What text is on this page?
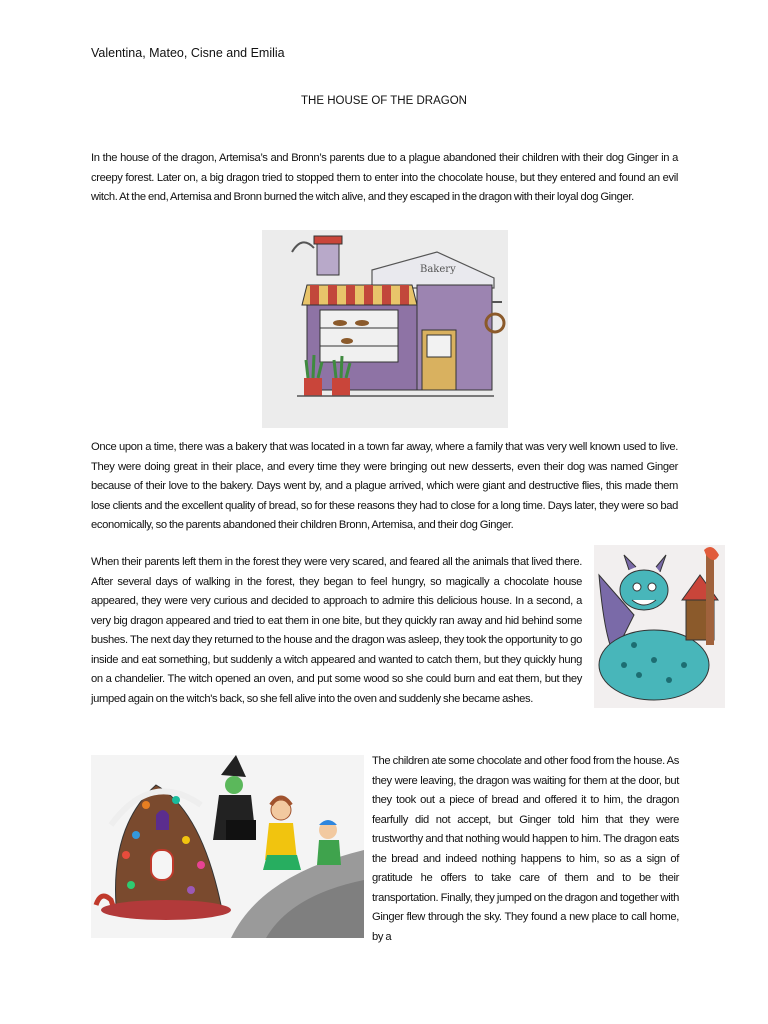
Valentina, Mateo, Cisne and Emilia
THE HOUSE OF THE DRAGON

In the house of the dragon, Artemisa’s and Bronn’s parents due to a plague abandoned their children with their dog Ginger in a creepy forest. Later on, a big dragon tried to stopped them to enter into the chocolate house, but they entered and found an evil witch. At the end, Artemisa and Bronn burned the witch alive, and they escaped in the dragon with their loyal dog Ginger.

Bakery

Once upon a time, there was a bakery that was located in a town far away, where a family that was very well known used to live. They were doing great in their place, and every time they were bringing out new desserts, even their dog was named Ginger because of their love to the bakery. Days went by, and a plague arrived, which were giant and destructive flies, this made them lose clients and the excellent quality of bread, so for these reasons they had to close for a long time. Days later, they were so bad economically, so the parents abandoned their children Bronn, Artemisa, and their dog Ginger.

When their parents left them in the forest they were very scared, and feared all the animals that lived there. After several days of walking in the forest, they began to feel hungry, so magically a chocolate house appeared, they were very curious and decided to approach to admire this delicious house. In a second, a very big dragon appeared and tried to eat them in one bite, but they quickly ran away and hid behind some bushes. The next day they returned to the house and the dragon was asleep, they took the opportunity to go inside and eat something, but suddenly a witch appeared and wanted to catch them, but they quickly hung on a chandelier. The witch opened an oven, and put some wood so she could burn and eat them, but they jumped again on the witch's back, so she fell alive into the oven and suddenly she became ashes.

The children ate some chocolate and other food from the house. As they were leaving, the dragon was waiting for them at the door, but they took out a piece of bread and offered it to him, the dragon fearfully did not accept, but Ginger told him that they were trustworthy and that nothing would happen to him. The dragon eats the bread and indeed nothing happens to him, so as a sign of gratitude he offers to take care of them and to be their transportation. Finally, they jumped on the dragon and together with Ginger flew through the sky. They found a new place to call home, by a
